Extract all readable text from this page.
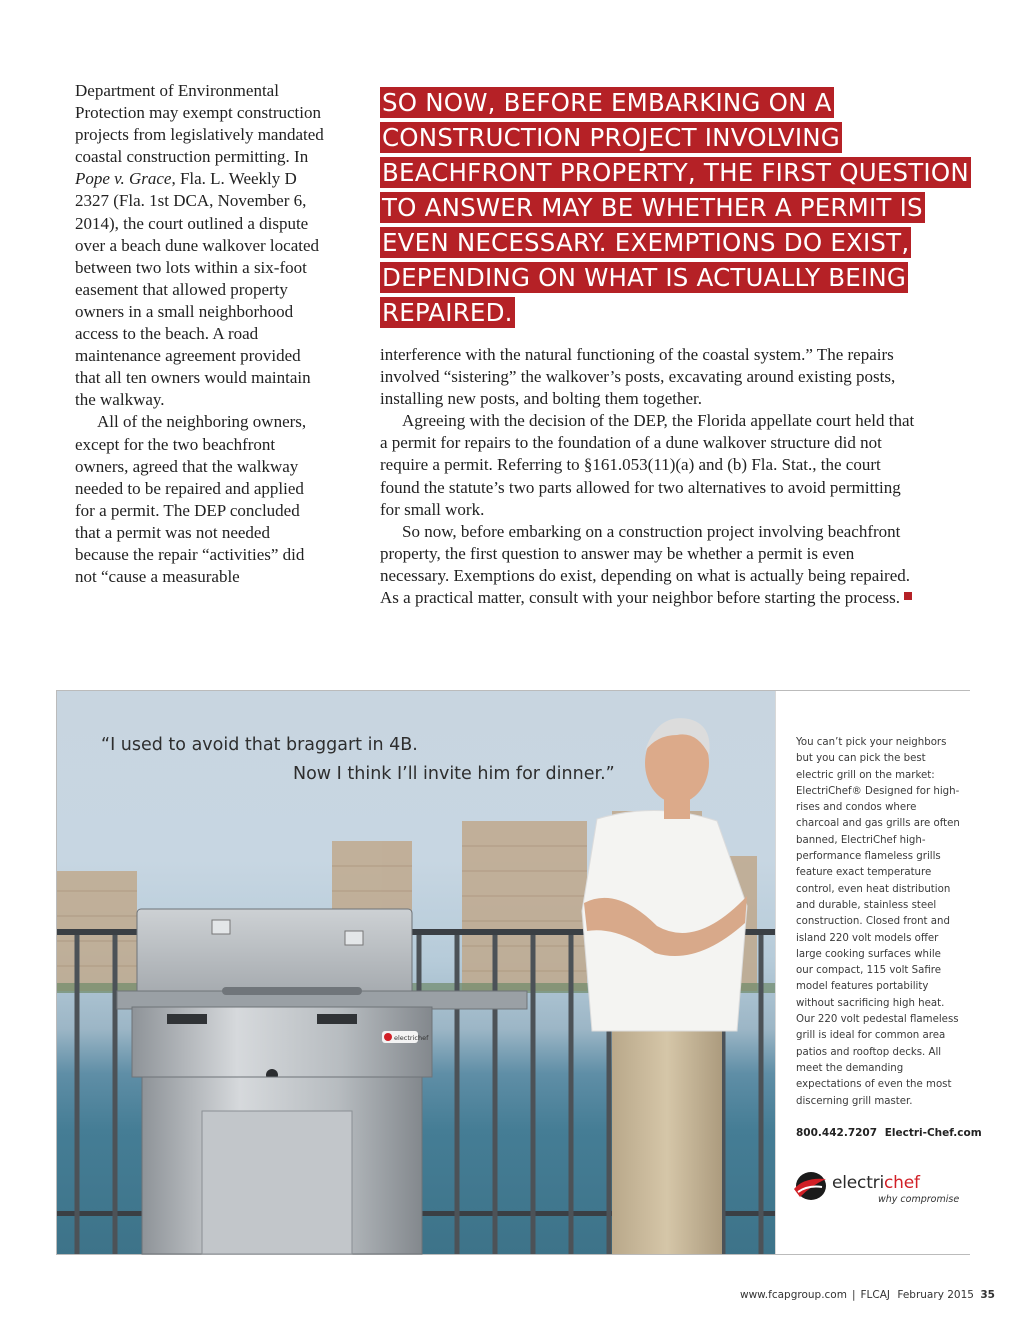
Department of Environmental Protection may exempt construction projects from legislatively mandated coastal construction permitting. In Pope v. Grace, Fla. L. Weekly D 2327 (Fla. 1st DCA, November 6, 2014), the court outlined a dispute over a beach dune walkover located between two lots within a six-foot easement that allowed property owners in a small neighborhood access to the beach. A road maintenance agreement provided that all ten owners would maintain the walkway.

All of the neighboring owners, except for the two beachfront owners, agreed that the walkway needed to be repaired and applied for a permit. The DEP concluded that a permit was not needed because the repair “activities” did not “cause a measurable

SO NOW, BEFORE EMBARKING ON A CONSTRUCTION PROJECT INVOLVING BEACHFRONT PROPERTY, THE FIRST QUESTION TO ANSWER MAY BE WHETHER A PERMIT IS EVEN NECESSARY. EXEMPTIONS DO EXIST, DEPENDING ON WHAT IS ACTUALLY BEING REPAIRED.

interference with the natural functioning of the coastal system.” The repairs involved “sistering” the walkover’s posts, excavating around existing posts, installing new posts, and bolting them together.

Agreeing with the decision of the DEP, the Florida appellate court held that a permit for repairs to the foundation of a dune walkover structure did not require a permit. Referring to §161.053(11)(a) and (b) Fla. Stat., the court found the statute’s two parts allowed for two alternatives to avoid permitting for small work.

So now, before embarking on a construction project involving beachfront property, the first question to answer may be whether a permit is even necessary. Exemptions do exist, depending on what is actually being repaired. As a practical matter, consult with your neighbor before starting the process.

electrichef
“I used to avoid that braggart in 4B.
Now I think I’ll invite him for dinner.”
You can’t pick your neighbors but you can pick the best electric grill on the market: ElectriChef® Designed for high-rises and condos where charcoal and gas grills are often banned, ElectriChef high-performance flameless grills feature exact temperature control, even heat distribution and durable, stainless steel construction. Closed front and island 220 volt models offer large cooking surfaces while our compact, 115 volt Safire model features portability without sacrificing high heat. Our 220 volt pedestal flameless grill is ideal for common area patios and rooftop decks. All meet the demanding expectations of even the most discerning grill master.
800.442.7207 Electri-Chef.com
electrichef
why compromise
www.fcapgroup.com | FLCAJ February 2015 35
